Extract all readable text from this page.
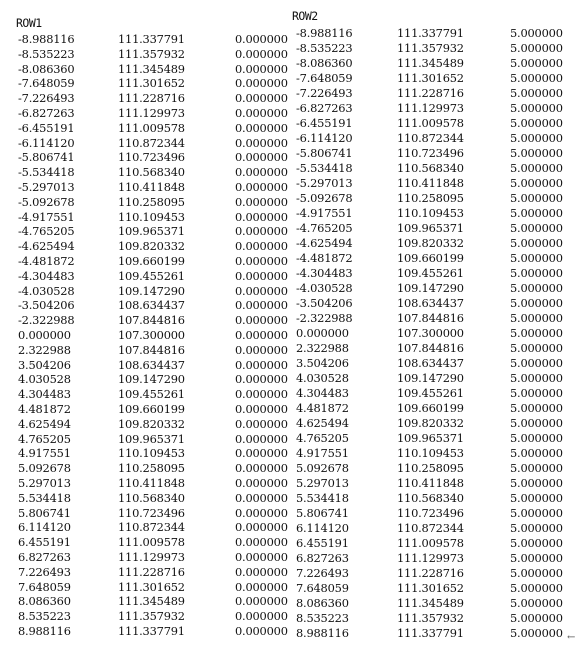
ROW1	ROW2
-8.988116	111.337791	0.000000
-8.535223	111.357932	0.000000
-8.086360	111.345489	0.000000
-7.648059	111.301652	0.000000
-7.226493	111.228716	0.000000
-6.827263	111.129973	0.000000
-6.455191	111.009578	0.000000
-6.114120	110.872344	0.000000
-5.806741	110.723496	0.000000
-5.534418	110.568340	0.000000
-5.297013	110.411848	0.000000
-5.092678	110.258095	0.000000
-4.917551	110.109453	0.000000
-4.765205	109.965371	0.000000
-4.625494	109.820332	0.000000
-4.481872	109.660199	0.000000
-4.304483	109.455261	0.000000
-4.030528	109.147290	0.000000
-3.504206	108.634437	0.000000
-2.322988	107.844816	0.000000
0.000000	107.300000	0.000000
2.322988	107.844816	0.000000
3.504206	108.634437	0.000000
4.030528	109.147290	0.000000
4.304483	109.455261	0.000000
4.481872	109.660199	0.000000
4.625494	109.820332	0.000000
4.765205	109.965371	0.000000
4.917551	110.109453	0.000000
5.092678	110.258095	0.000000
5.297013	110.411848	0.000000
5.534418	110.568340	0.000000
5.806741	110.723496	0.000000
6.114120	110.872344	0.000000
6.455191	111.009578	0.000000
6.827263	111.129973	0.000000
7.226493	111.228716	0.000000
7.648059	111.301652	0.000000
8.086360	111.345489	0.000000
8.535223	111.357932	0.000000
8.988116	111.337791	0.000000
-8.988116	111.337791	5.000000
-8.535223	111.357932	5.000000
-8.086360	111.345489	5.000000
-7.648059	111.301652	5.000000
-7.226493	111.228716	5.000000
-6.827263	111.129973	5.000000
-6.455191	111.009578	5.000000
-6.114120	110.872344	5.000000
-5.806741	110.723496	5.000000
-5.534418	110.568340	5.000000
-5.297013	110.411848	5.000000
-5.092678	110.258095	5.000000
-4.917551	110.109453	5.000000
-4.765205	109.965371	5.000000
-4.625494	109.820332	5.000000
-4.481872	109.660199	5.000000
-4.304483	109.455261	5.000000
-4.030528	109.147290	5.000000
-3.504206	108.634437	5.000000
-2.322988	107.844816	5.000000
0.000000	107.300000	5.000000
2.322988	107.844816	5.000000
3.504206	108.634437	5.000000
4.030528	109.147290	5.000000
4.304483	109.455261	5.000000
4.481872	109.660199	5.000000
4.625494	109.820332	5.000000
4.765205	109.965371	5.000000
4.917551	110.109453	5.000000
5.092678	110.258095	5.000000
5.297013	110.411848	5.000000
5.534418	110.568340	5.000000
5.806741	110.723496	5.000000
6.114120	110.872344	5.000000
6.455191	111.009578	5.000000
6.827263	111.129973	5.000000
7.226493	111.228716	5.000000
7.648059	111.301652	5.000000
8.086360	111.345489	5.000000
8.535223	111.357932	5.000000
8.988116	111.337791	5.000000 ←
